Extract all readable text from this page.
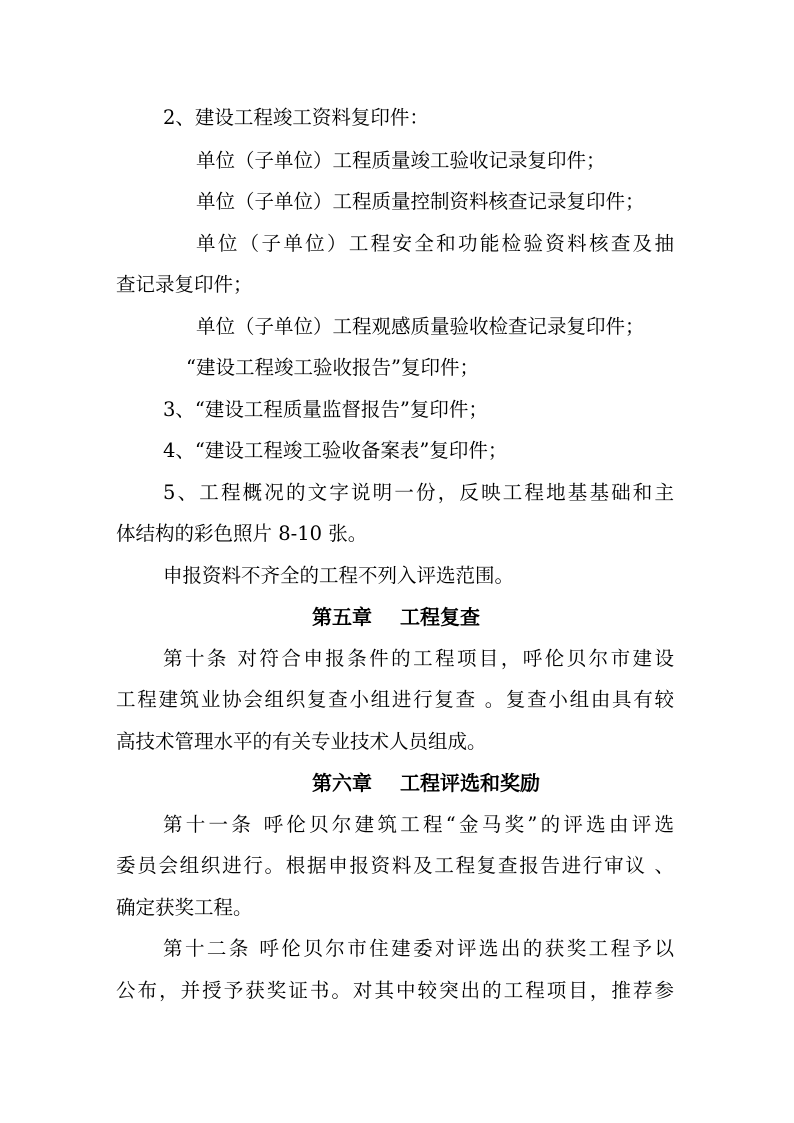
2、建设工程竣工资料复印件：
单位（子单位）工程质量竣工验收记录复印件；
单位（子单位）工程质量控制资料核查记录复印件；
单位（子单位）工程安全和功能检验资料核查及抽
查记录复印件；
单位（子单位）工程观感质量验收检查记录复印件；
“建设工程竣工验收报告”复印件；
3、“建设工程质量监督报告”复印件；
4、“建设工程竣工验收备案表”复印件；
5、工程概况的文字说明一份，反映工程地基基础和主
体结构的彩色照片 8-10 张。
申报资料不齐全的工程不列入评选范围。
第五章 工程复查
第十条 对符合申报条件的工程项目，呼伦贝尔市建设
工程建筑业协会组织复查小组进行复查 。复查小组由具有较
高技术管理水平的有关专业技术人员组成。
第六章 工程评选和奖励
第十一条 呼伦贝尔建筑工程“金马奖”的评选由评选
委员会组织进行。根据申报资料及工程复查报告进行审议 、
确定获奖工程。
第十二条 呼伦贝尔市住建委对评选出的获奖工程予以
公布，并授予获奖证书。对其中较突出的工程项目，推荐参
